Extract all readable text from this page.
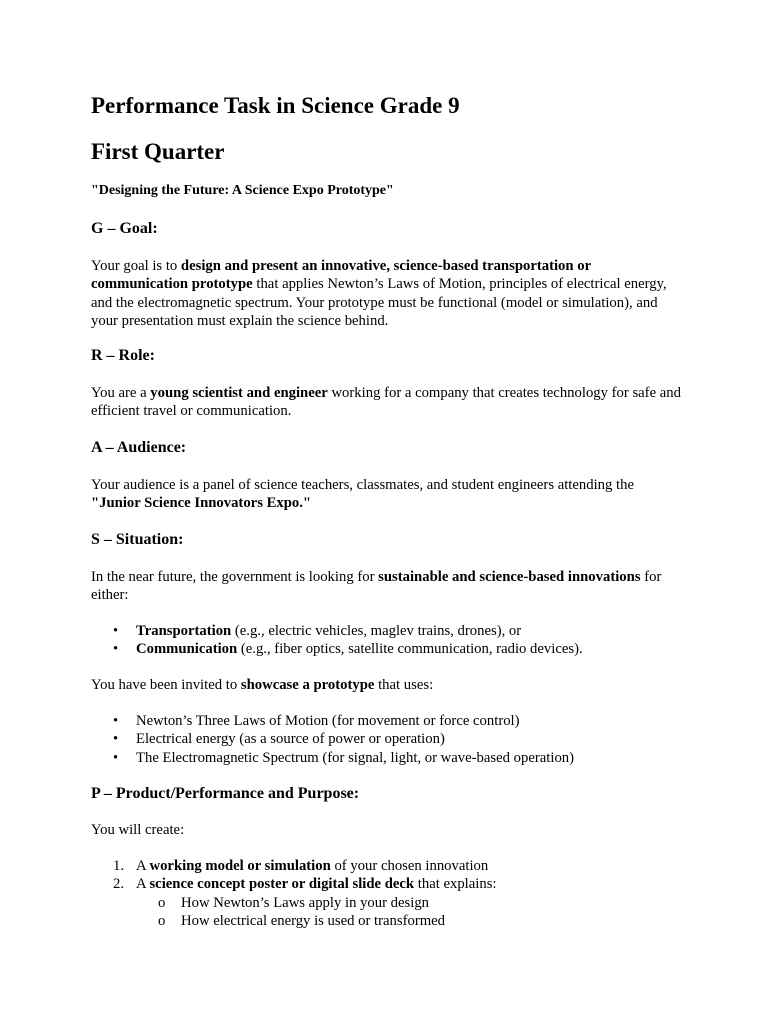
Performance Task in Science Grade 9
First Quarter
"Designing the Future: A Science Expo Prototype"
G – Goal:

Your goal is to design and present an innovative, science-based transportation or communication prototype that applies Newton’s Laws of Motion, principles of electrical energy, and the electromagnetic spectrum. Your prototype must be functional (model or simulation), and your presentation must explain the science behind.

R – Role:

You are a young scientist and engineer working for a company that creates technology for safe and efficient travel or communication.

A – Audience:

Your audience is a panel of science teachers, classmates, and student engineers attending the "Junior Science Innovators Expo."

S – Situation:

In the near future, the government is looking for sustainable and science-based innovations for either:

• Transportation (e.g., electric vehicles, maglev trains, drones), or
• Communication (e.g., fiber optics, satellite communication, radio devices).

You have been invited to showcase a prototype that uses:

• Newton’s Three Laws of Motion (for movement or force control)
• Electrical energy (as a source of power or operation)
• The Electromagnetic Spectrum (for signal, light, or wave-based operation)
P – Product/Performance and Purpose:

You will create:

1. A working model or simulation of your chosen innovation
2. A science concept poster or digital slide deck that explains:
o How Newton’s Laws apply in your design
o How electrical energy is used or transformed
